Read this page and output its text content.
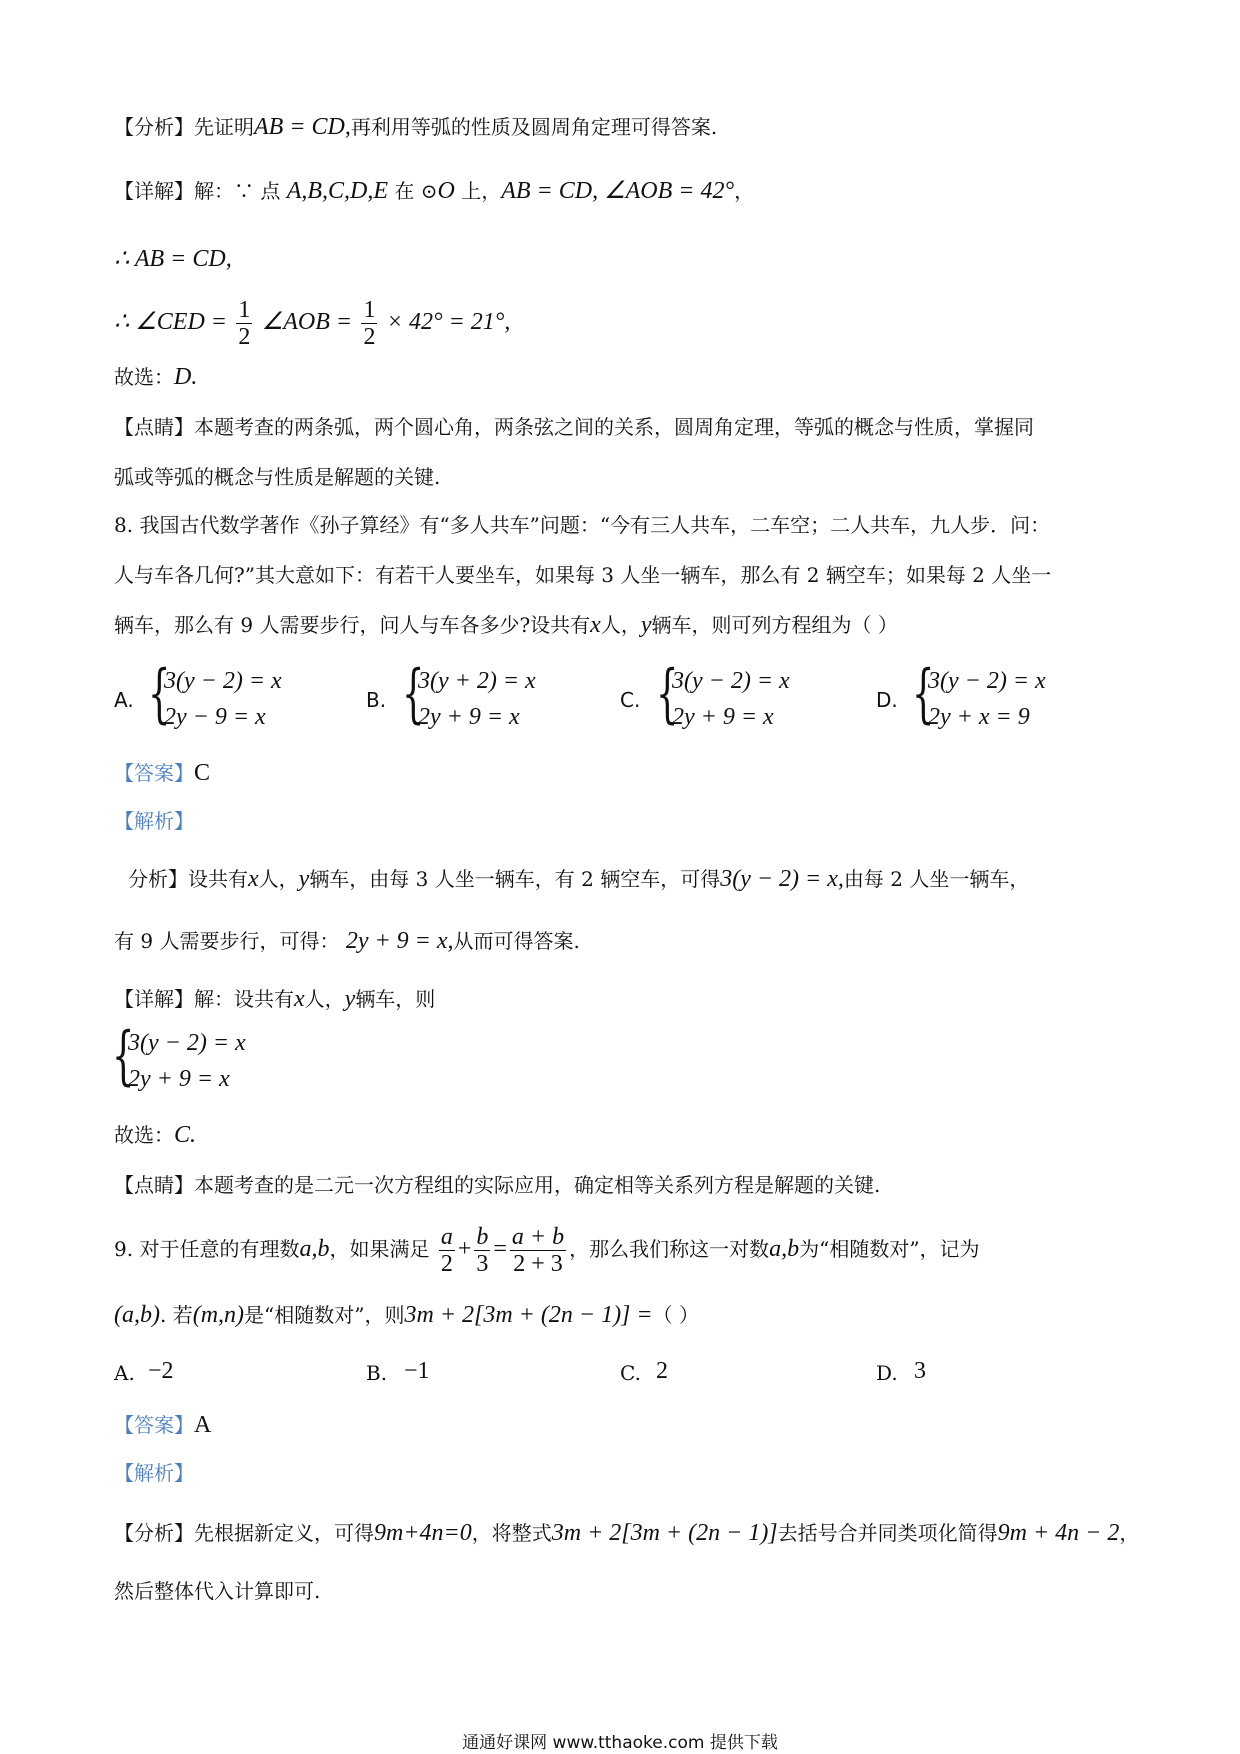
【分析】先证明AB = CD,再利用等弧的性质及圆周角定理可得答案.
【详解】解：∵ 点 A,B,C,D,E 在 ⊙O 上，AB = CD, ∠AOB = 42°，
∴ AB = CD,
∴ ∠CED = $\frac{1}{2}$ ∠AOB = $\frac{1}{2} \times 42^\circ = 21^\circ$,
故选：D.
【点睛】本题考查的两条弧，两个圆心角，两条弦之间的关系，圆周角定理，等弧的概念与性质，掌握同
弧或等弧的概念与性质是解题的关键.
8. 我国古代数学著作《孙子算经》有“多人共车”问题：“今有三人共车，二车空；二人共车，九人步．问：
人与车各几何?”其大意如下：有若干人要坐车，如果每 3 人坐一辆车，那么有 2 辆空车；如果每 2 人坐一
辆车，那么有 9 人需要步行，问人与车各多少?设共有x人，y辆车，则可列方程组为（ ）
A. {
3(y − 2) = x
2y − 9 = x
B. {
3(y + 2) = x
2y + 9 = x
C. {
3(y − 2) = x
2y + 9 = x
D. {
3(y − 2) = x
2y + x = 9
【答案】C
【解析】
分析】设共有x人，y辆车，由每 3 人坐一辆车，有 2 辆空车，可得3(y − 2) = x,由每 2 人坐一辆车，
有 9 人需要步行，可得： 2y + 9 = x,从而可得答案.
【详解】解：设共有x人，y辆车，则
{
3(y − 2) = x
2y + 9 = x
故选：C.
【点睛】本题考查的是二元一次方程组的实际应用，确定相等关系列方程是解题的关键.
9. 对于任意的有理数a,b，如果满足 $\frac{a}{2} + \frac{b}{3} = \frac{a + b}{2 + 3}$ ，那么我们称这一对数a,b为“相随数对”，记为
(a,b). 若(m,n)是“相随数对”，则3m + 2[3m + (2n − 1)] =（ ）
A. −2	B. −1	C. 2	D. 3
【答案】A
【解析】
【分析】先根据新定义，可得9m+4n=0，将整式3m + 2[3m + (2n − 1)]去括号合并同类项化简得9m + 4n − 2，
然后整体代入计算即可.
通通好课网 www.tthaoke.com 提供下载
